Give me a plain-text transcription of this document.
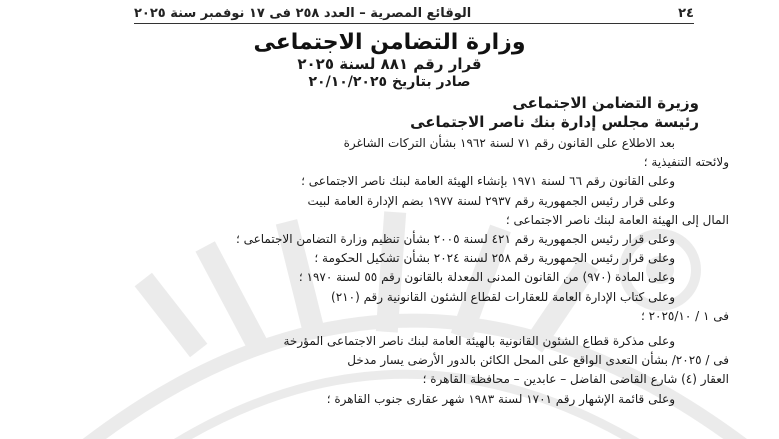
٢٤
الوقائع المصرية – العدد ٢٥٨ فى ١٧ نوفمبر سنة ٢٠٢٥
وزارة التضامن الاجتماعى
قرار رقم ٨٨١ لسنة ٢٠٢٥
صادر بتاريخ ٢٠/١٠/٢٠٢٥
وزيرة التضامن الاجتماعى
رئيسة مجلس إدارة بنك ناصر الاجتماعى

بعد الاطلاع على القانون رقم ٧١ لسنة ١٩٦٢ بشأن التركات الشاغرة

ولائحته التنفيذية ؛

وعلى القانون رقم ٦٦ لسنة ١٩٧١ بإنشاء الهيئة العامة لبنك ناصر الاجتماعى ؛

وعلى قرار رئيس الجمهورية رقم ٢٩٣٧ لسنة ١٩٧٧ بضم الإدارة العامة لبيت

المال إلى الهيئة العامة لبنك ناصر الاجتماعى ؛

وعلى قرار رئيس الجمهورية رقم ٤٢١ لسنة ٢٠٠٥ بشأن تنظيم وزارة التضامن الاجتماعى ؛

وعلى قرار رئيس الجمهورية رقم ٢٥٨ لسنة ٢٠٢٤ بشأن تشكيل الحكومة ؛

وعلى المادة (٩٧٠) من القانون المدنى المعدلة بالقانون رقم ٥٥ لسنة ١٩٧٠ ؛

وعلى كتاب الإدارة العامة للعقارات لقطاع الشئون القانونية رقم (٢١٠)

فى ١ / ٢٠٢٥/١٠ ؛

وعلى مذكرة قطاع الشئون القانونية بالهيئة العامة لبنك ناصر الاجتماعى المؤرخة

فى / ٢٠٢٥/ بشأن التعدى الواقع على المحل الكائن بالدور الأرضى يسار مدخل

العقار (٤) شارع القاضى الفاضل – عابدين – محافظة القاهرة ؛

وعلى قائمة الإشهار رقم ١٧٠١ لسنة ١٩٨٣ شهر عقارى جنوب القاهرة ؛
